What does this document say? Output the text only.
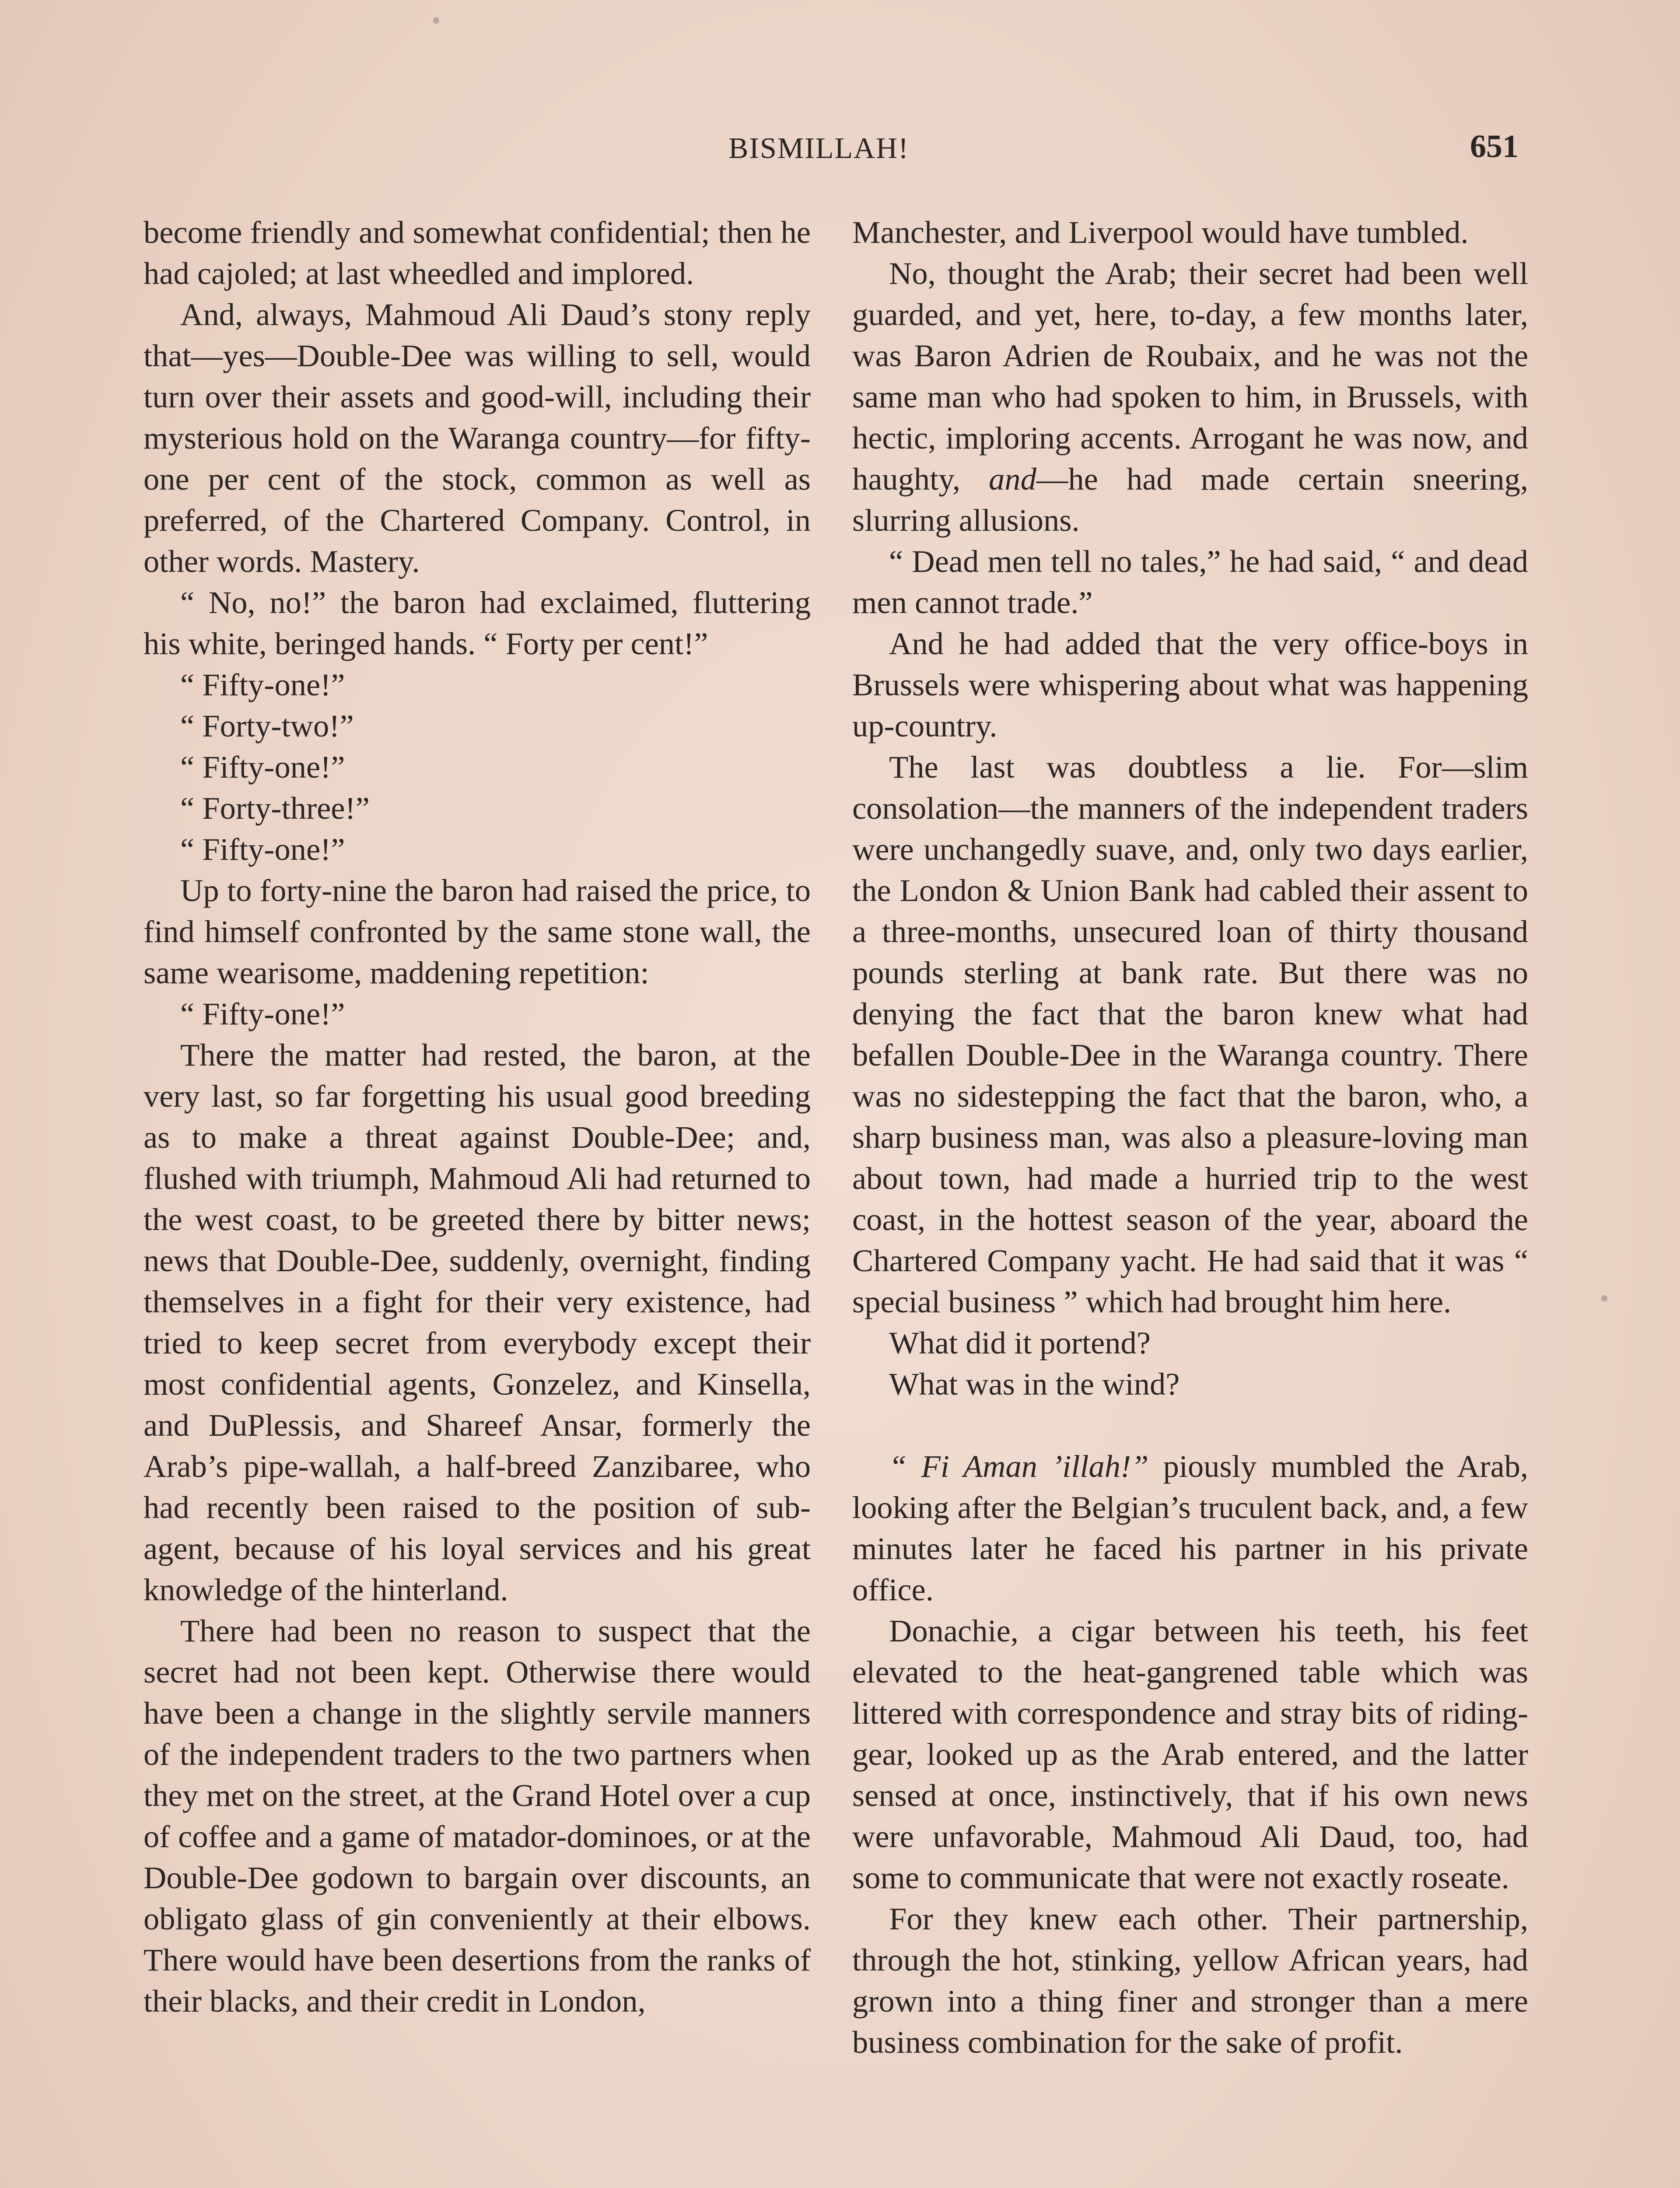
BISMILLAH!	651

become friendly and somewhat confidential; then he had cajoled; at last wheedled and implored.

And, always, Mahmoud Ali Daud’s stony reply that—yes—Double-Dee was willing to sell, would turn over their assets and good-will, including their mysterious hold on the Waranga country—for fifty-one per cent of the stock, common as well as preferred, of the Chartered Company. Control, in other words. Mastery.

“ No, no!” the baron had exclaimed, fluttering his white, beringed hands. “ Forty per cent!”

“ Fifty-one!”

“ Forty-two!”

“ Fifty-one!”

“ Forty-three!”

“ Fifty-one!”

Up to forty-nine the baron had raised the price, to find himself confronted by the same stone wall, the same wearisome, maddening repetition:

“ Fifty-one!”

There the matter had rested, the baron, at the very last, so far forgetting his usual good breeding as to make a threat against Double-Dee; and, flushed with triumph, Mahmoud Ali had returned to the west coast, to be greeted there by bitter news; news that Double-Dee, suddenly, overnight, finding themselves in a fight for their very existence, had tried to keep secret from everybody except their most confidential agents, Gonzelez, and Kinsella, and DuPlessis, and Shareef Ansar, formerly the Arab’s pipe-wallah, a half-breed Zanzibaree, who had recently been raised to the position of sub-agent, because of his loyal services and his great knowledge of the hinterland.

There had been no reason to suspect that the secret had not been kept. Otherwise there would have been a change in the slightly servile manners of the independent traders to the two partners when they met on the street, at the Grand Hotel over a cup of coffee and a game of matador-dominoes, or at the Double-Dee godown to bargain over discounts, an obligato glass of gin conveniently at their elbows. There would have been desertions from the ranks of their blacks, and their credit in London,

Manchester, and Liverpool would have tumbled.

No, thought the Arab; their secret had been well guarded, and yet, here, to-day, a few months later, was Baron Adrien de Roubaix, and he was not the same man who had spoken to him, in Brussels, with hectic, imploring accents. Arrogant he was now, and haughty, and—he had made certain sneering, slurring allusions.

“ Dead men tell no tales,” he had said, “ and dead men cannot trade.”

And he had added that the very office-boys in Brussels were whispering about what was happening up-country.

The last was doubtless a lie. For—slim consolation—the manners of the independent traders were unchangedly suave, and, only two days earlier, the London & Union Bank had cabled their assent to a three-months, unsecured loan of thirty thousand pounds sterling at bank rate. But there was no denying the fact that the baron knew what had befallen Double-Dee in the Waranga country. There was no sidestepping the fact that the baron, who, a sharp business man, was also a pleasure-loving man about town, had made a hurried trip to the west coast, in the hottest season of the year, aboard the Chartered Company yacht. He had said that it was “ special business ” which had brought him here.

What did it portend?

What was in the wind?

“ Fi Aman ’illah!” piously mumbled the Arab, looking after the Belgian’s truculent back, and, a few minutes later he faced his partner in his private office.

Donachie, a cigar between his teeth, his feet elevated to the heat-gangrened table which was littered with correspondence and stray bits of riding-gear, looked up as the Arab entered, and the latter sensed at once, instinctively, that if his own news were unfavorable, Mahmoud Ali Daud, too, had some to communicate that were not exactly roseate.

For they knew each other. Their partnership, through the hot, stinking, yellow African years, had grown into a thing finer and stronger than a mere business combination for the sake of profit.
